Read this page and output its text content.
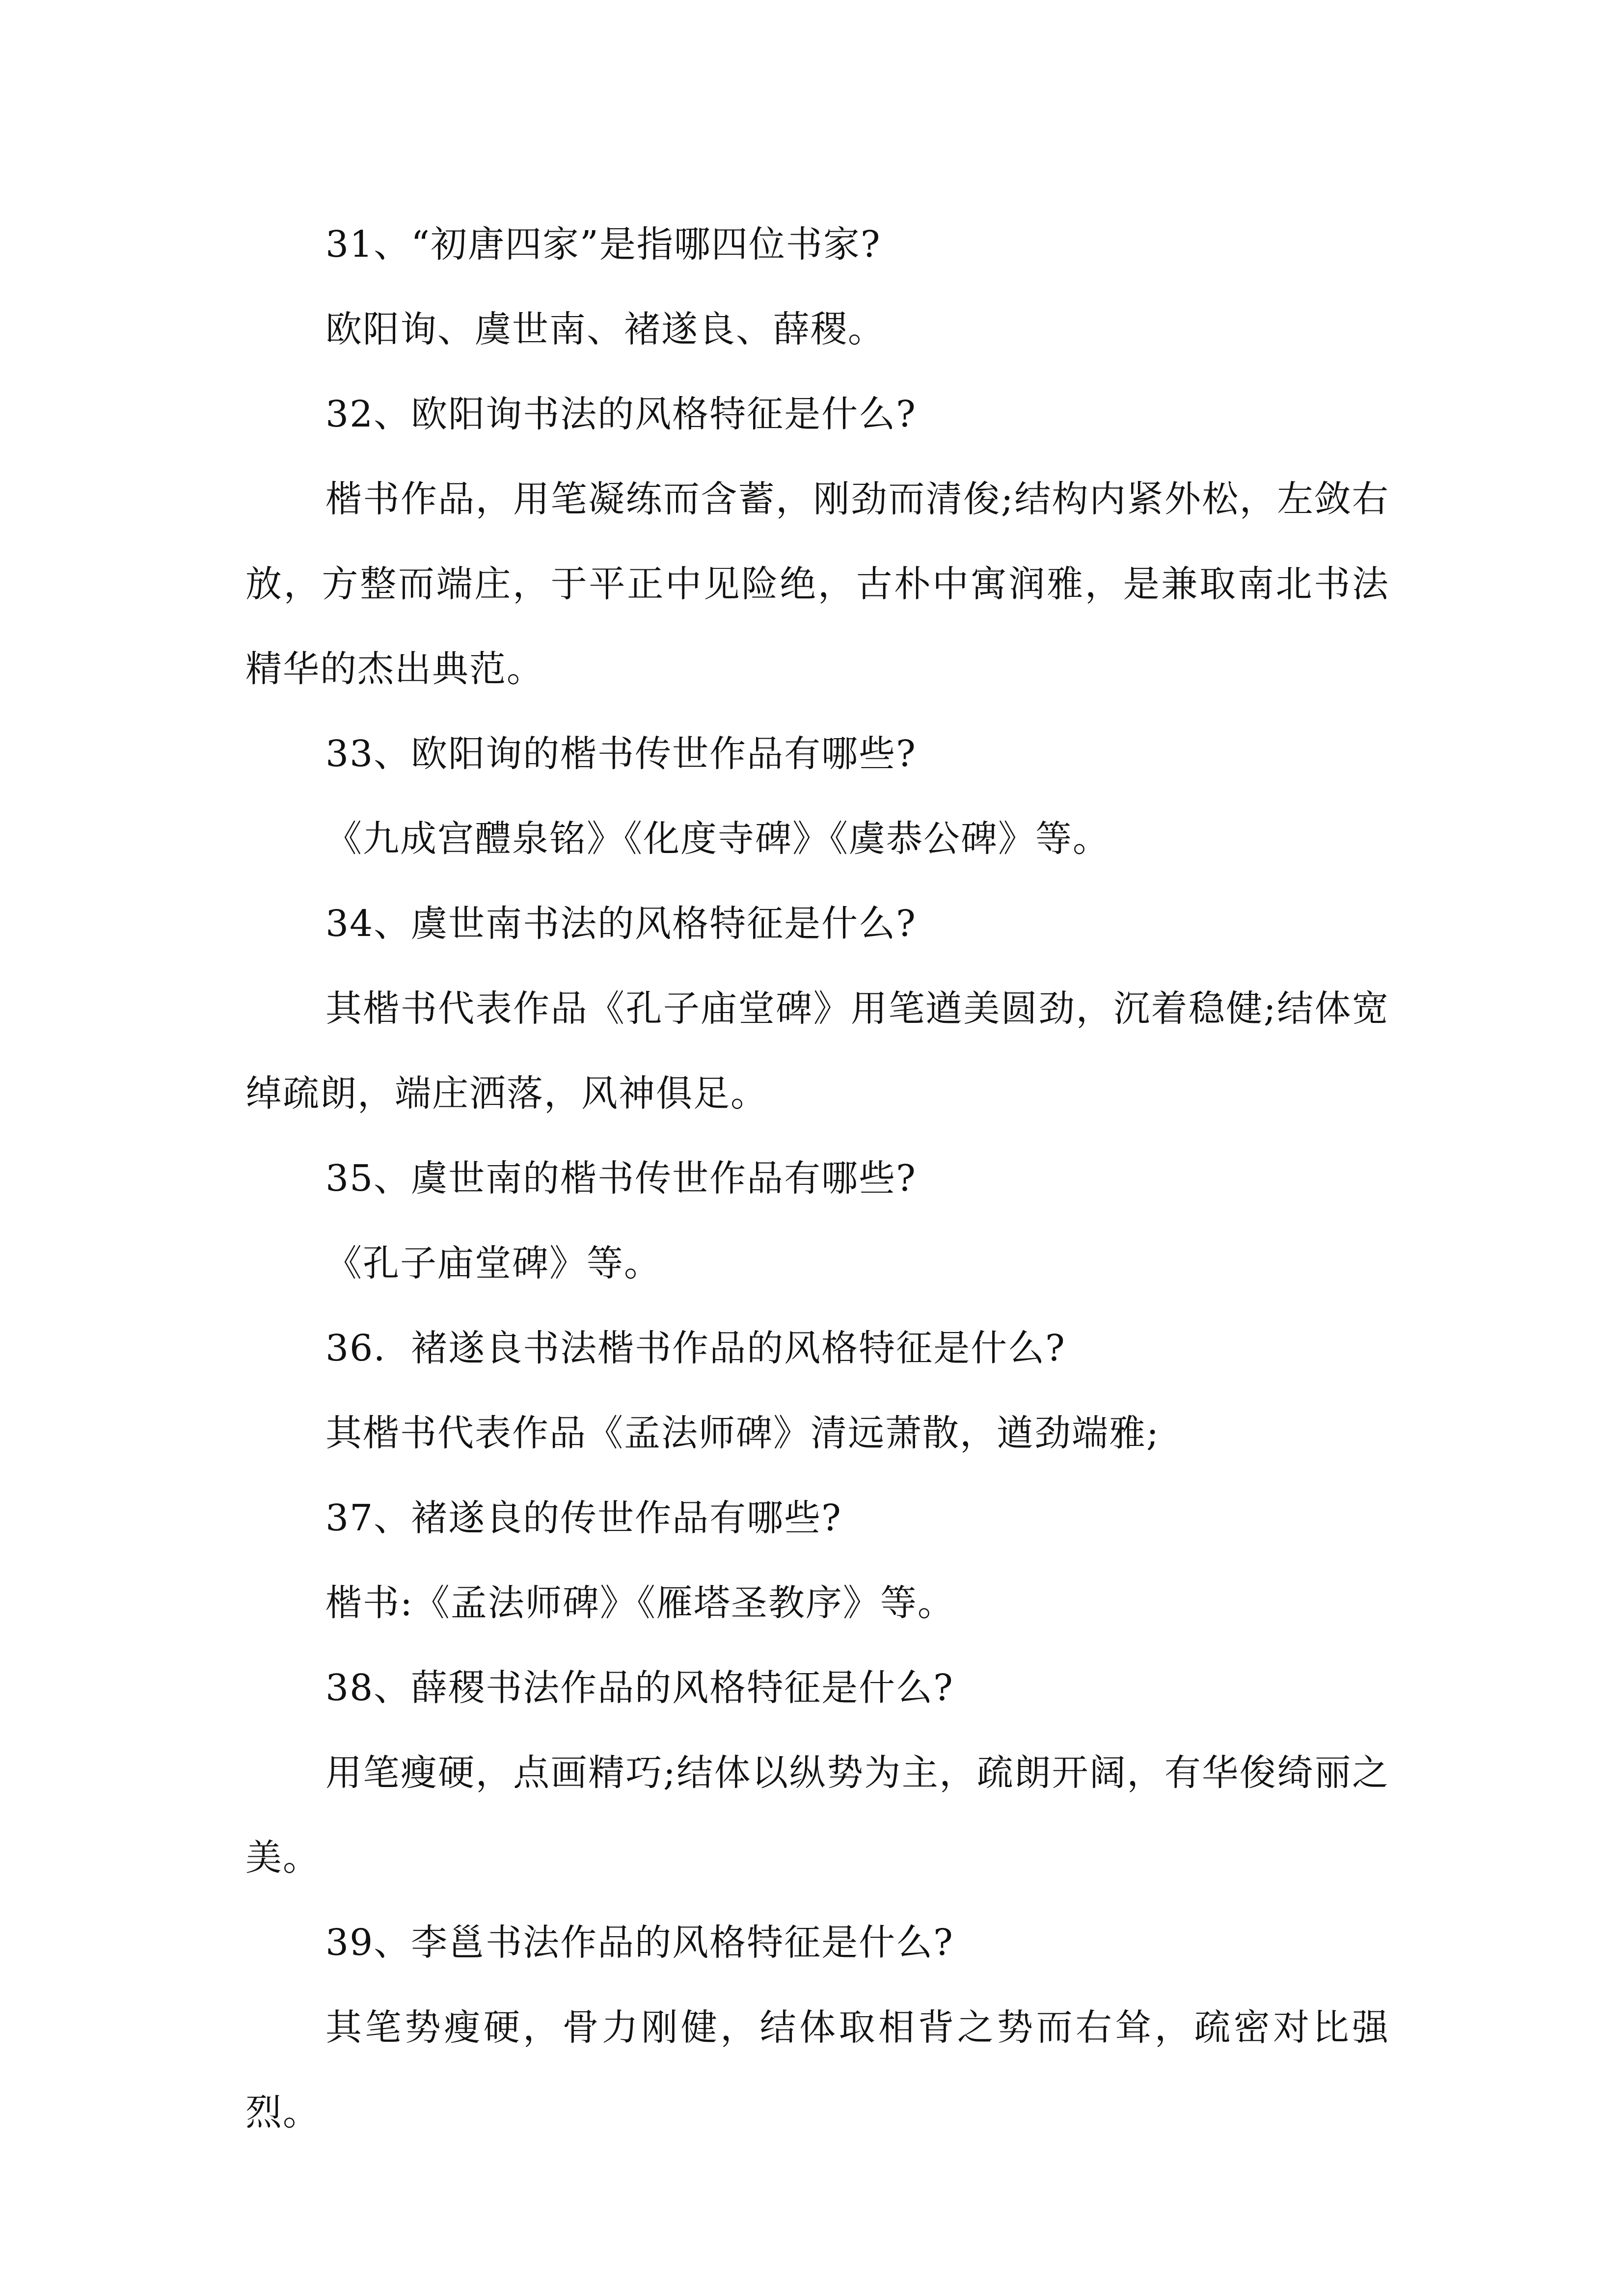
31、“初唐四家”是指哪四位书家?

欧阳询、虞世南、褚遂良、薛稷。

32、欧阳询书法的风格特征是什么?

楷书作品，用笔凝练而含蓄，刚劲而清俊;结构内紧外松，左敛右放，方整而端庄，于平正中见险绝，古朴中寓润雅，是兼取南北书法精华的杰出典范。

33、欧阳询的楷书传世作品有哪些?

《九成宫醴泉铭》《化度寺碑》《虞恭公碑》等。

34、虞世南书法的风格特征是什么?

其楷书代表作品《孔子庙堂碑》用笔遒美圆劲，沉着稳健;结体宽绰疏朗，端庄洒落，风神俱足。

35、虞世南的楷书传世作品有哪些?

《孔子庙堂碑》等。

36．褚遂良书法楷书作品的风格特征是什么?

其楷书代表作品《孟法师碑》清远萧散，遒劲端雅;

37、褚遂良的传世作品有哪些?

楷书:《孟法师碑》《雁塔圣教序》等。

38、薛稷书法作品的风格特征是什么?

用笔瘦硬，点画精巧;结体以纵势为主，疏朗开阔，有华俊绮丽之美。

39、李邕书法作品的风格特征是什么?

其笔势瘦硬，骨力刚健，结体取相背之势而右耸，疏密对比强烈。
